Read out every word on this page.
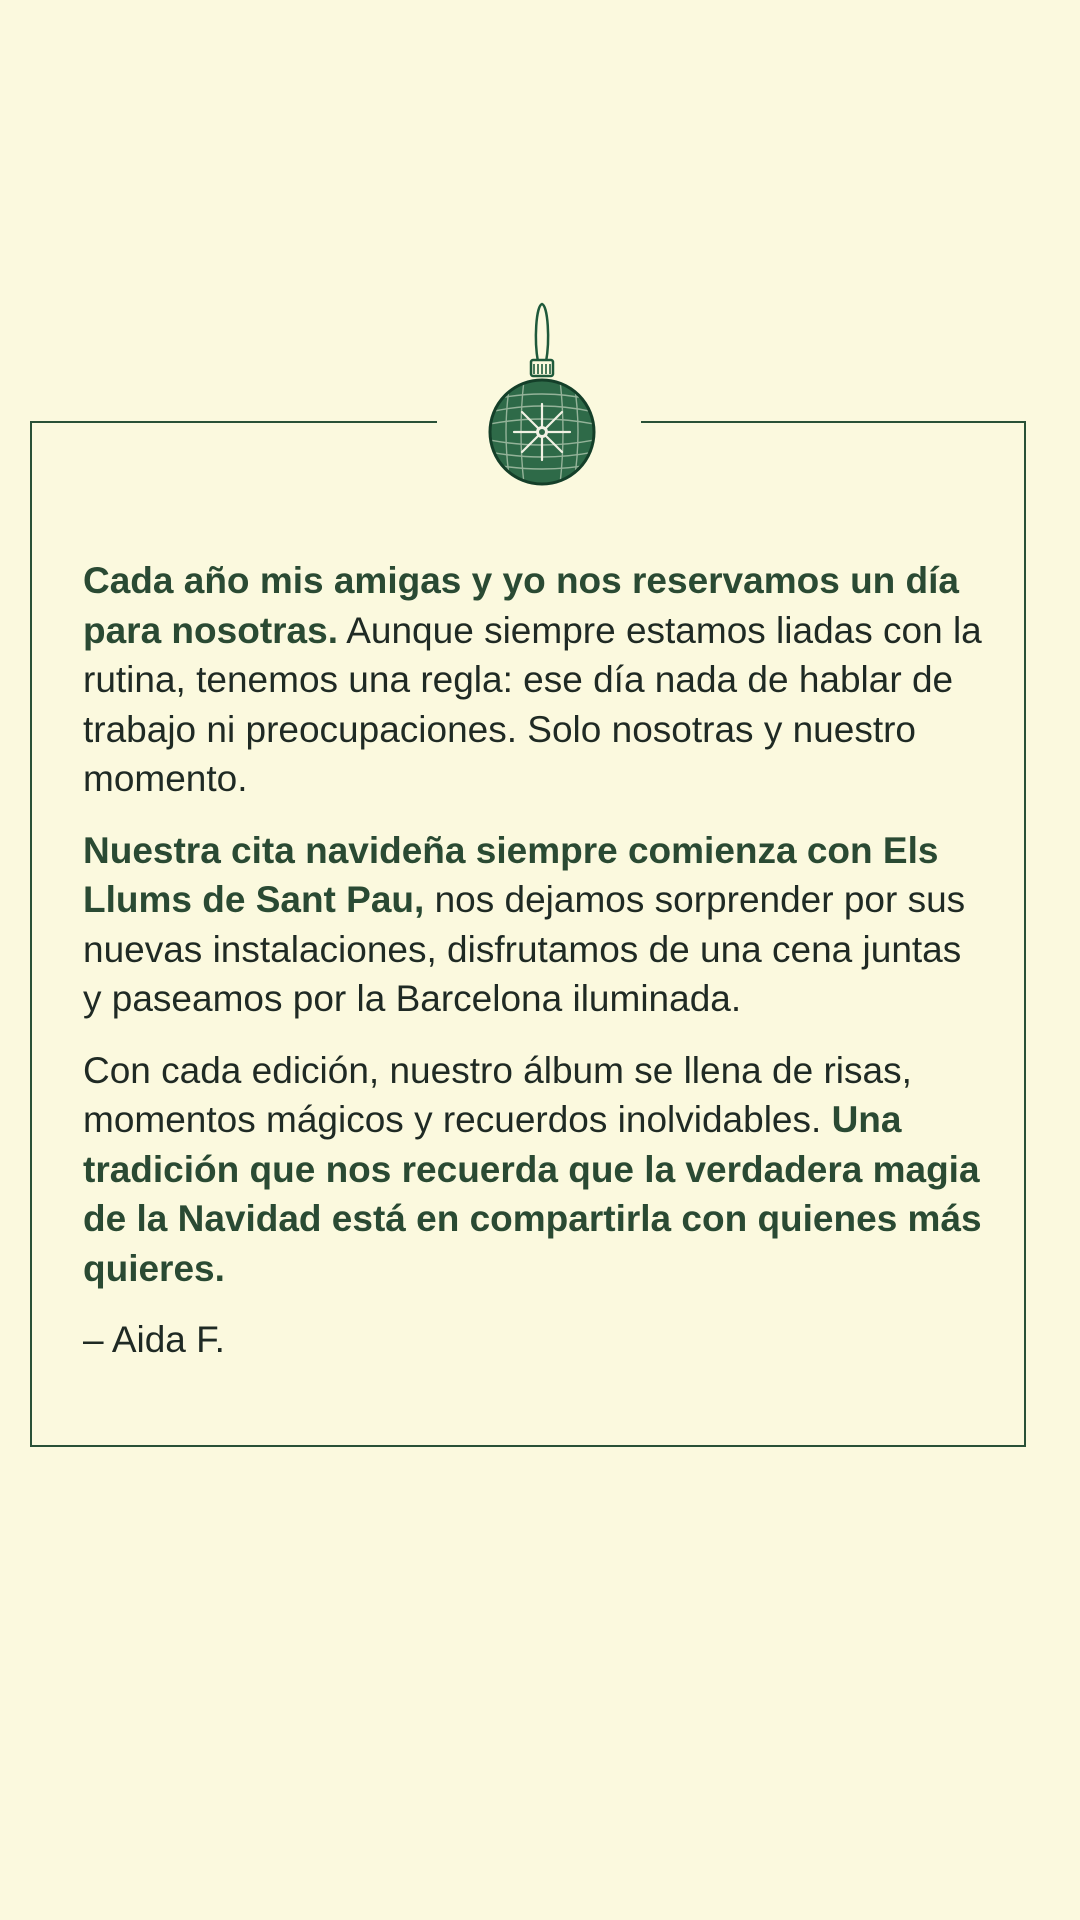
Cada año mis amigas y yo nos reservamos un día para nosotras. Aunque siempre estamos liadas con la rutina, tenemos una regla: ese día nada de hablar de trabajo ni preocupaciones. Solo nosotras y nuestro momento.

Nuestra cita navideña siempre comienza con Els Llums de Sant Pau, nos dejamos sorprender por sus nuevas instalaciones, disfrutamos de una cena juntas y paseamos por la Barcelona iluminada.

Con cada edición, nuestro álbum se llena de risas, momentos mágicos y recuerdos inolvidables. Una tradición que nos recuerda que la verdadera magia de la Navidad está en compartirla con quienes más quieres.

– Aida F.
